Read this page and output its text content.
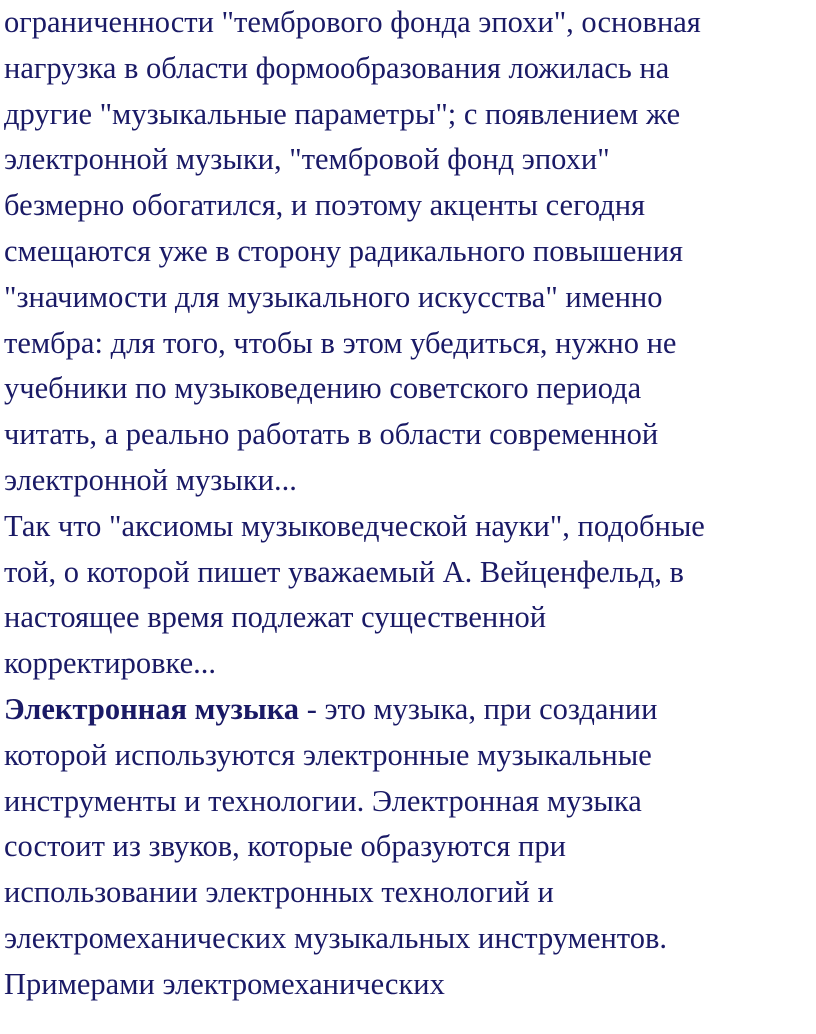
ограниченности "тембрового фонда эпохи", основная
нагрузка в области формообразования ложилась на
другие "музыкальные параметры"; с появлением же
электронной музыки, "тембровой фонд эпохи"
безмерно обогатился, и поэтому акценты сегодня
смещаются уже в сторону радикального повышения
"значимости для музыкального искусства" именно
тембра: для того, чтобы в этом убедиться, нужно не
учебники по музыковедению советского периода
читать, а реально работать в области современной
электронной музыки...
Так что "аксиомы музыковедческой науки", подобные
той, о которой пишет уважаемый А. Вейценфельд, в
настоящее время подлежат существенной
корректировке...
Электронная музыка - это музыка, при создании
которой используются электронные музыкальные
инструменты и технологии. Электронная музыка
состоит из звуков, которые образуются при
использовании электронных технологий и
электромеханических музыкальных инструментов.
Примерами электромеханических
